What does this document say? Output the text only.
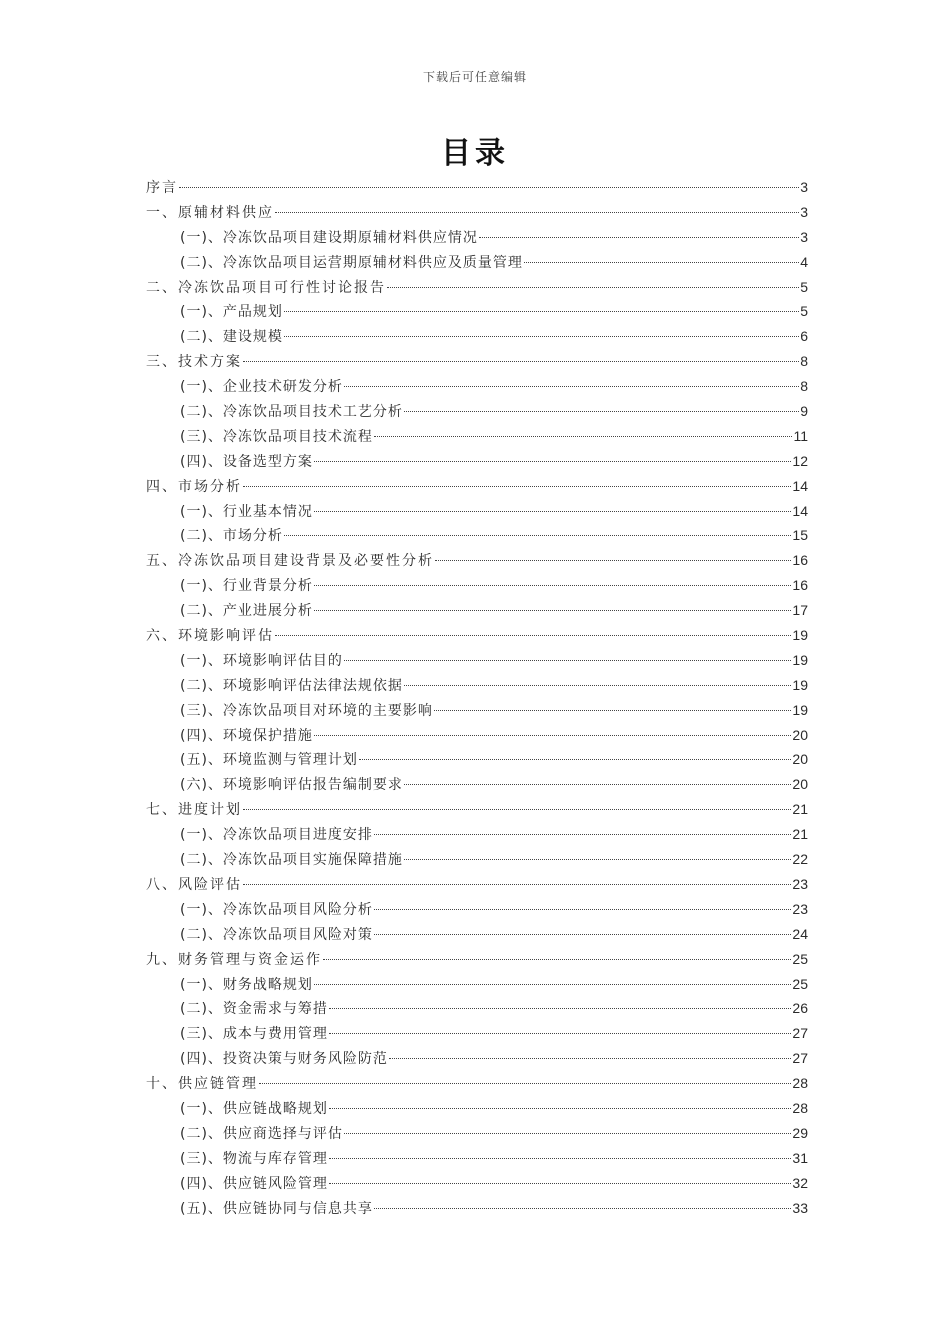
下载后可任意编辑
目录
序言	3
一、原辅材料供应	3
(一)、冷冻饮品项目建设期原辅材料供应情况	3
(二)、冷冻饮品项目运营期原辅材料供应及质量管理	4
二、冷冻饮品项目可行性讨论报告	5
(一)、产品规划	5
(二)、建设规模	6
三、技术方案	8
(一)、企业技术研发分析	8
(二)、冷冻饮品项目技术工艺分析	9
(三)、冷冻饮品项目技术流程	11
(四)、设备选型方案	12
四、市场分析	14
(一)、行业基本情况	14
(二)、市场分析	15
五、冷冻饮品项目建设背景及必要性分析	16
(一)、行业背景分析	16
(二)、产业进展分析	17
六、环境影响评估	19
(一)、环境影响评估目的	19
(二)、环境影响评估法律法规依据	19
(三)、冷冻饮品项目对环境的主要影响	19
(四)、环境保护措施	20
(五)、环境监测与管理计划	20
(六)、环境影响评估报告编制要求	20
七、进度计划	21
(一)、冷冻饮品项目进度安排	21
(二)、冷冻饮品项目实施保障措施	22
八、风险评估	23
(一)、冷冻饮品项目风险分析	23
(二)、冷冻饮品项目风险对策	24
九、财务管理与资金运作	25
(一)、财务战略规划	25
(二)、资金需求与筹措	26
(三)、成本与费用管理	27
(四)、投资决策与财务风险防范	27
十、供应链管理	28
(一)、供应链战略规划	28
(二)、供应商选择与评估	29
(三)、物流与库存管理	31
(四)、供应链风险管理	32
(五)、供应链协同与信息共享	33
